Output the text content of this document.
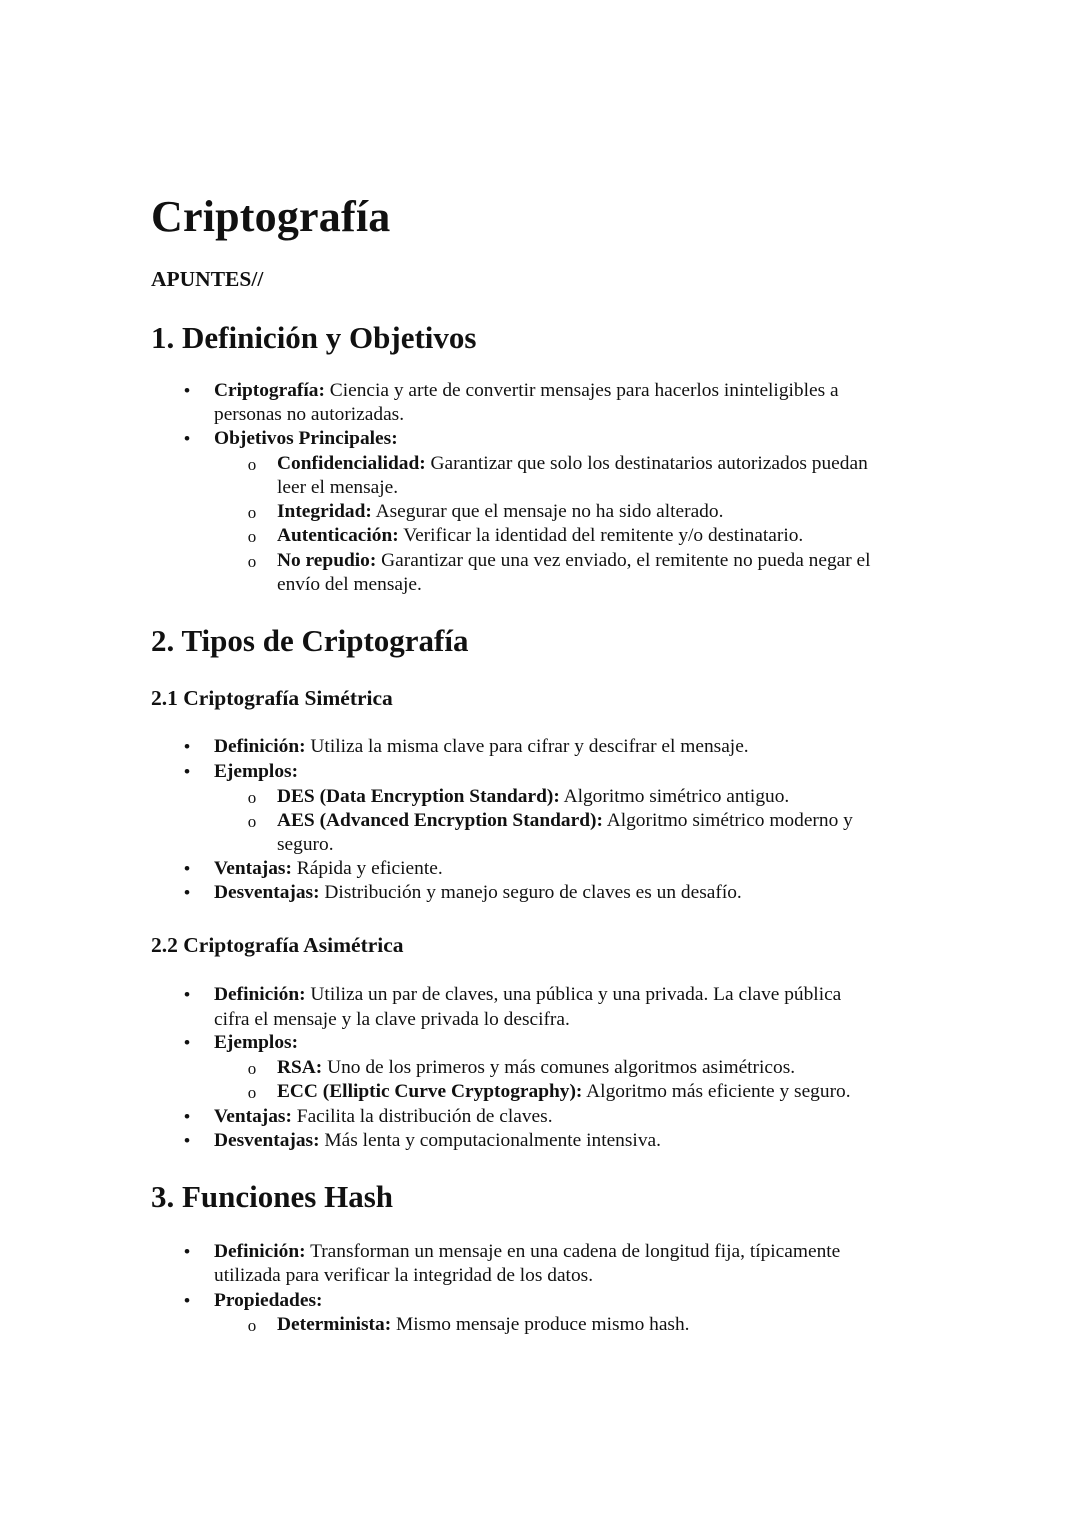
Criptografía

APUNTES//

1. Definición y Objetivos
• Criptografía: Ciencia y arte de convertir mensajes para hacerlos ininteligibles a

personas no autorizadas.

• Objetivos Principales:

o Confidencialidad: Garantizar que solo los destinatarios autorizados puedan

leer el mensaje.

o Integridad: Asegurar que el mensaje no ha sido alterado.

o Autenticación: Verificar la identidad del remitente y/o destinatario.

o No repudio: Garantizar que una vez enviado, el remitente no pueda negar el

envío del mensaje.

2. Tipos de Criptografía
2.1 Criptografía Simétrica
• Definición: Utiliza la misma clave para cifrar y descifrar el mensaje.

• Ejemplos:

o DES (Data Encryption Standard): Algoritmo simétrico antiguo.

o AES (Advanced Encryption Standard): Algoritmo simétrico moderno y

seguro.

• Ventajas: Rápida y eficiente.

• Desventajas: Distribución y manejo seguro de claves es un desafío.

2.2 Criptografía Asimétrica
• Definición: Utiliza un par de claves, una pública y una privada. La clave pública

cifra el mensaje y la clave privada lo descifra.

• Ejemplos:

o RSA: Uno de los primeros y más comunes algoritmos asimétricos.

o ECC (Elliptic Curve Cryptography): Algoritmo más eficiente y seguro.

• Ventajas: Facilita la distribución de claves.

• Desventajas: Más lenta y computacionalmente intensiva.

3. Funciones Hash
• Definición: Transforman un mensaje en una cadena de longitud fija, típicamente

utilizada para verificar la integridad de los datos.

• Propiedades:

o Determinista: Mismo mensaje produce mismo hash.
